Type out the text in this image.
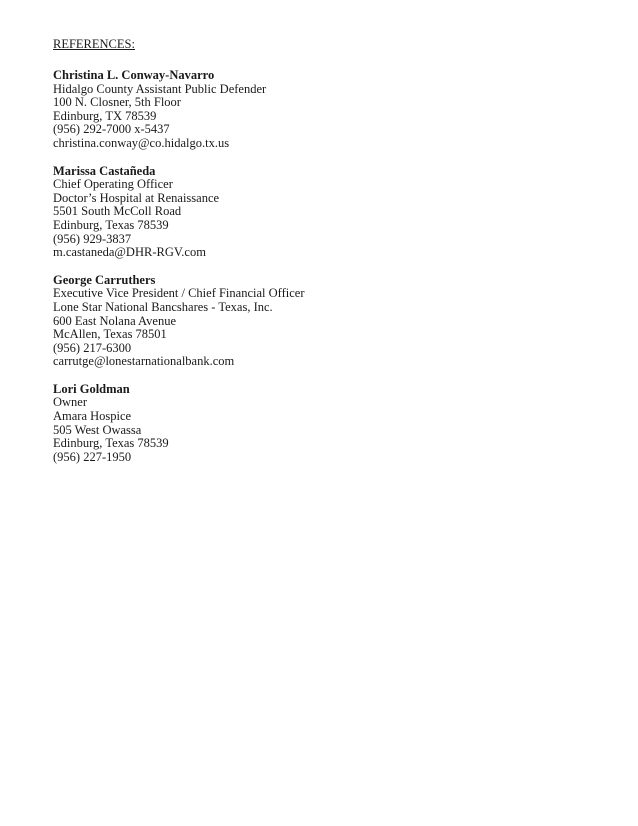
REFERENCES:
Christina L. Conway-Navarro
Hidalgo County Assistant Public Defender
100 N. Closner, 5th Floor
Edinburg, TX 78539
(956) 292-7000 x-5437
christina.conway@co.hidalgo.tx.us
Marissa Castañeda
Chief Operating Officer
Doctor’s Hospital at Renaissance
5501 South McColl Road
Edinburg, Texas 78539
(956) 929-3837
m.castaneda@DHR-RGV.com
George Carruthers
Executive Vice President / Chief Financial Officer
Lone Star National Bancshares - Texas, Inc.
600 East Nolana Avenue
McAllen, Texas 78501
(956) 217-6300
carrutge@lonestarnationalbank.com
Lori Goldman
Owner
Amara Hospice
505 West Owassa
Edinburg, Texas 78539
(956) 227-1950
